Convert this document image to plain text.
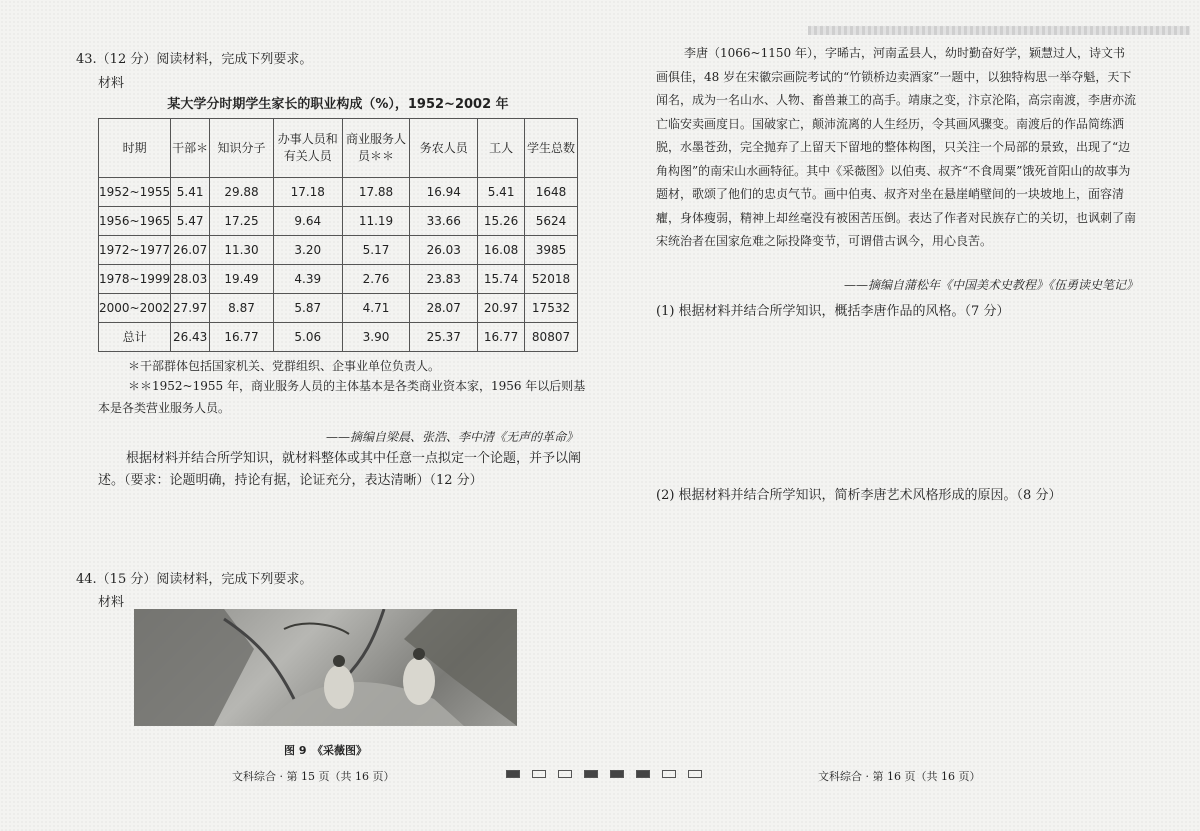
43.（12 分）阅读材料，完成下列要求。
材料
某大学分时期学生家长的职业构成（%），1952~2002 年
时期	干部＊	知识分子	办事人员和有关人员	商业服务人员＊＊	务农人员	工人	学生总数
1952~1955	5.41	29.88	17.18	17.88	16.94	5.41	1648
1956~1965	5.47	17.25	9.64	11.19	33.66	15.26	5624
1972~1977	26.07	11.30	3.20	5.17	26.03	16.08	3985
1978~1999	28.03	19.49	4.39	2.76	23.83	15.74	52018
2000~2002	27.97	8.87	5.87	4.71	28.07	20.97	17532
总计	26.43	16.77	5.06	3.90	25.37	16.77	80807
＊干部群体包括国家机关、党群组织、企事业单位负责人。
＊＊1952~1955 年，商业服务人员的主体基本是各类商业资本家，1956 年以后则基本是各类营业服务人员。
——摘编自梁晨、张浩、李中清《无声的革命》
根据材料并结合所学知识，就材料整体或其中任意一点拟定一个论题，并予以阐述。（要求：论题明确，持论有据，论证充分，表达清晰）（12 分）
44.（15 分）阅读材料，完成下列要求。
材料
图 9　《采薇图》
文科综合 · 第 15 页（共 16 页）
李唐（1066~1150 年），字晞古，河南孟县人，幼时勤奋好学，颖慧过人，诗文书画俱佳，48 岁在宋徽宗画院考试的“竹锁桥边卖酒家”一题中，以独特构思一举夺魁，天下闻名，成为一名山水、人物、畜兽兼工的高手。靖康之变，汴京沦陷，高宗南渡，李唐亦流亡临安卖画度日。国破家亡，颠沛流离的人生经历，令其画风骤变。南渡后的作品简练洒脱，水墨苍劲，完全抛弃了上留天下留地的整体构图，只关注一个局部的景致，出现了“边角构图”的南宋山水画特征。其中《采薇图》以伯夷、叔齐“不食周粟”饿死首阳山的故事为题材，歌颂了他们的忠贞气节。画中伯夷、叔齐对坐在悬崖峭壁间的一块坡地上，面容清癯，身体瘦弱，精神上却丝毫没有被困苦压倒。表达了作者对民族存亡的关切，也讽刺了南宋统治者在国家危难之际投降变节，可谓借古讽今，用心良苦。
——摘编自蒲松年《中国美术史教程》《伍勇读史笔记》
(1) 根据材料并结合所学知识，概括李唐作品的风格。（7 分）
(2) 根据材料并结合所学知识，简析李唐艺术风格形成的原因。（8 分）
文科综合 · 第 16 页（共 16 页）
